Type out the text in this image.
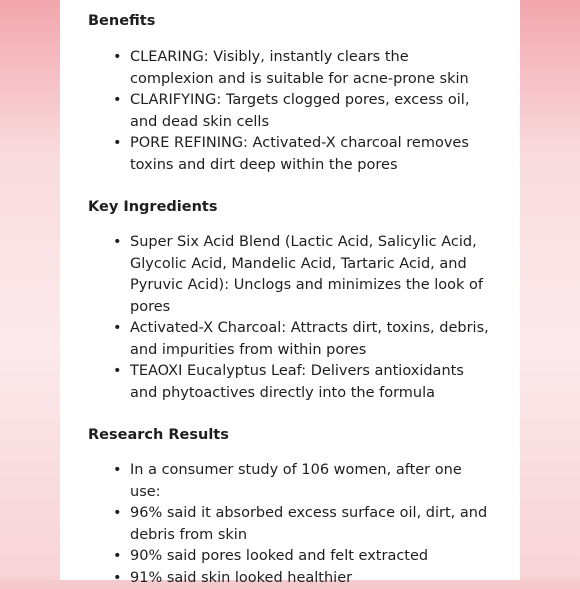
Benefits
• CLEARING: Visibly, instantly clears the complexion and is suitable for acne-prone skin
• CLARIFYING: Targets clogged pores, excess oil, and dead skin cells
• PORE REFINING: Activated-X charcoal removes toxins and dirt deep within the pores
Key Ingredients
• Super Six Acid Blend (Lactic Acid, Salicylic Acid, Glycolic Acid, Mandelic Acid, Tartaric Acid, and Pyruvic Acid): Unclogs and minimizes the look of pores
• Activated-X Charcoal: Attracts dirt, toxins, debris, and impurities from within pores
• TEAOXI Eucalyptus Leaf: Delivers antioxidants and phytoactives directly into the formula
Research Results
• In a consumer study of 106 women, after one use:
• 96% said it absorbed excess surface oil, dirt, and debris from skin
• 90% said pores looked and felt extracted
• 91% said skin looked healthier
